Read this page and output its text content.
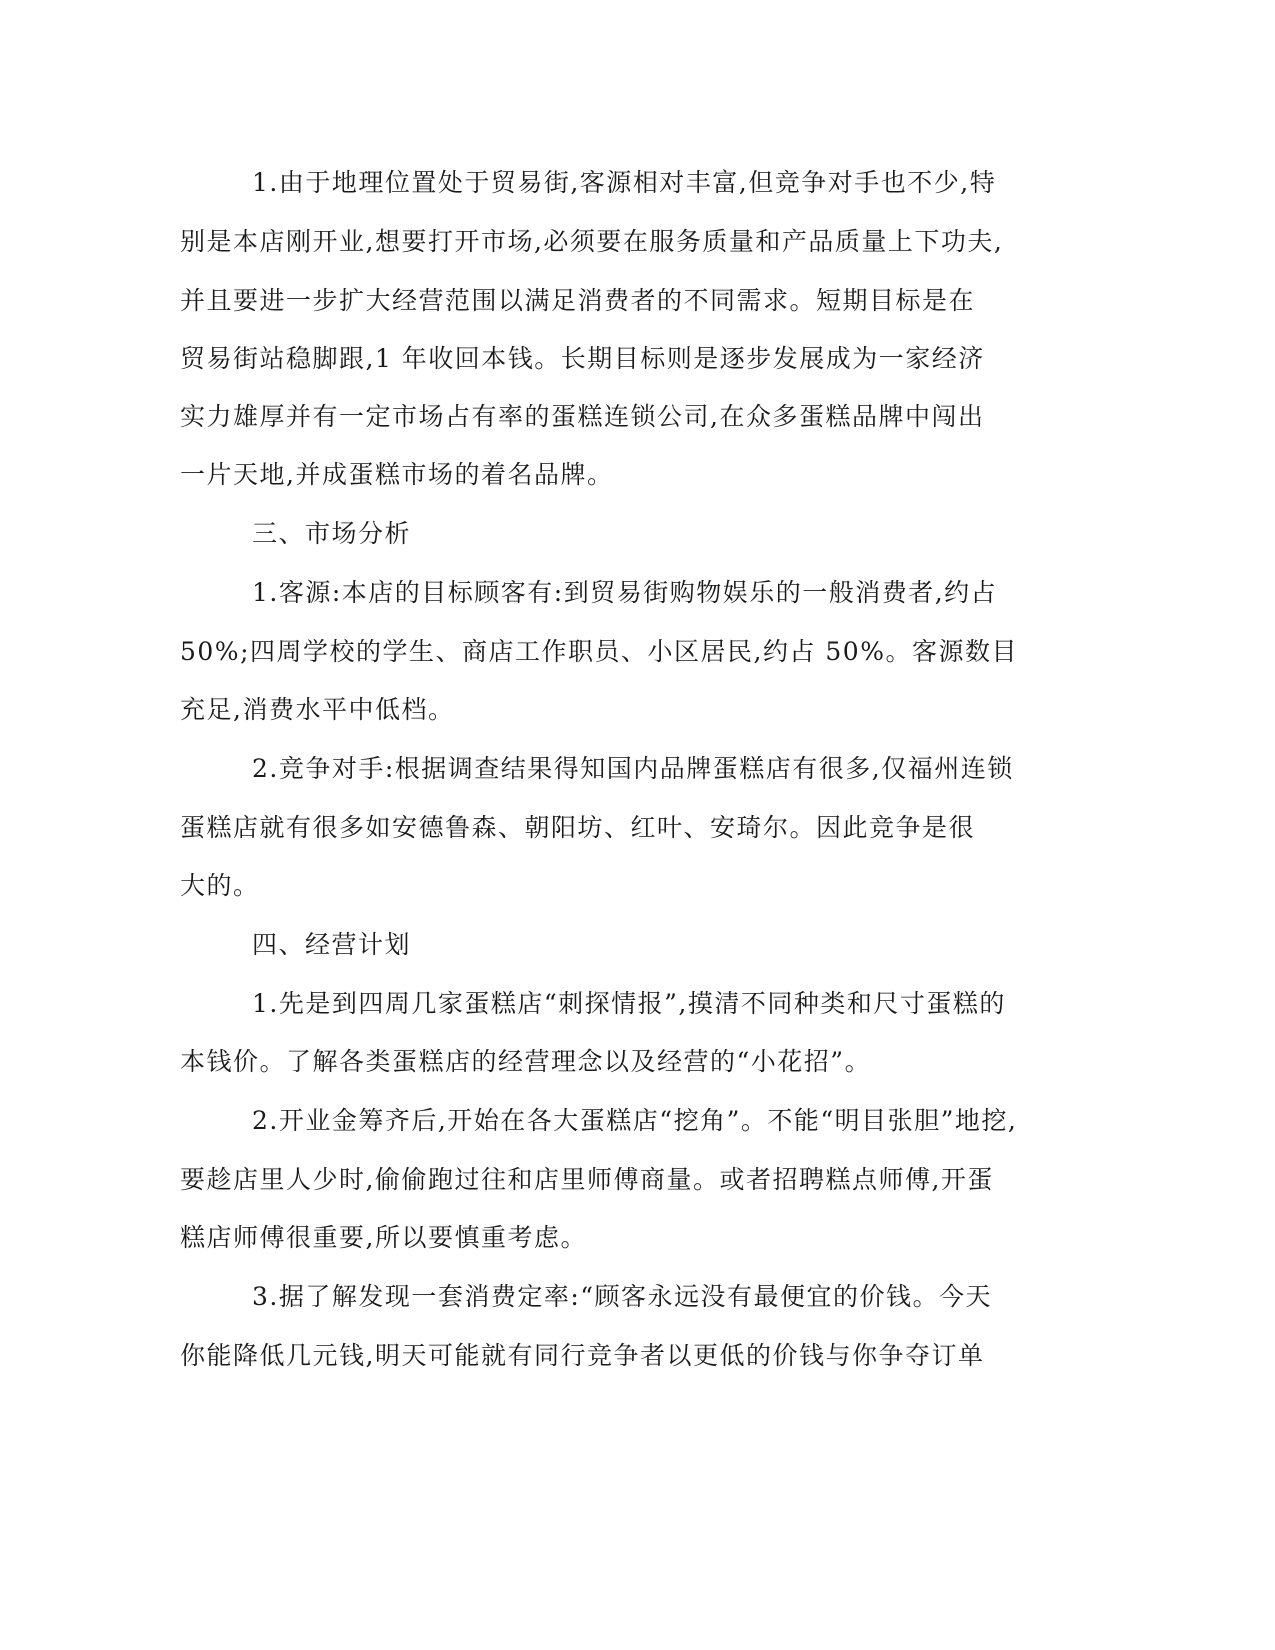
1.由于地理位置处于贸易街,客源相对丰富,但竞争对手也不少,特
别是本店刚开业,想要打开市场,必须要在服务质量和产品质量上下功夫,
并且要进一步扩大经营范围以满足消费者的不同需求。短期目标是在
贸易街站稳脚跟,1 年收回本钱。长期目标则是逐步发展成为一家经济
实力雄厚并有一定市场占有率的蛋糕连锁公司,在众多蛋糕品牌中闯出
一片天地,并成蛋糕市场的着名品牌。
三、市场分析
1.客源:本店的目标顾客有:到贸易街购物娱乐的一般消费者,约占
50%;四周学校的学生、商店工作职员、小区居民,约占 50%。客源数目
充足,消费水平中低档。
2.竞争对手:根据调查结果得知国内品牌蛋糕店有很多,仅福州连锁
蛋糕店就有很多如安德鲁森、朝阳坊、红叶、安琦尔。因此竞争是很
大的。
四、经营计划
1.先是到四周几家蛋糕店“刺探情报”,摸清不同种类和尺寸蛋糕的
本钱价。了解各类蛋糕店的经营理念以及经营的“小花招”。
2.开业金筹齐后,开始在各大蛋糕店“挖角”。不能“明目张胆”地挖,
要趁店里人少时,偷偷跑过往和店里师傅商量。或者招聘糕点师傅,开蛋
糕店师傅很重要,所以要慎重考虑。
3.据了解发现一套消费定率:“顾客永远没有最便宜的价钱。今天
你能降低几元钱,明天可能就有同行竞争者以更低的价钱与你争夺订单
